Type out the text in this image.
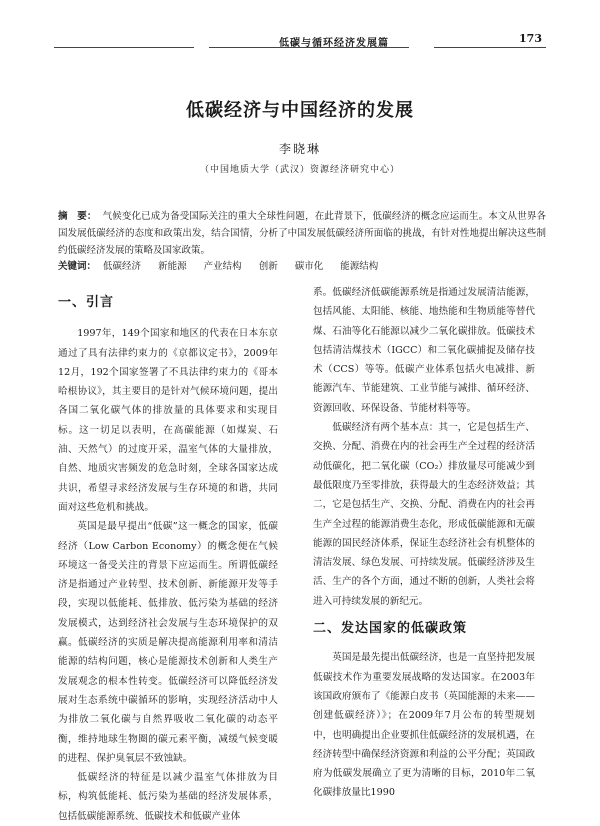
低碳与循环经济发展篇	173
低碳经济与中国经济的发展
李晓琳
（中国地质大学（武汉）资源经济研究中心）
摘　要： 气候变化已成为备受国际关注的重大全球性问题，在此背景下，低碳经济的概念应运而生。本文从世界各国发展低碳经济的态度和政策出发，结合国情，分析了中国发展低碳经济所面临的挑战，有针对性地提出解决这些制约低碳经济发展的策略及国家政策。
关键词： 低碳经济 新能源 产业结构 创新 碳市化 能源结构
一、引言

1997年，149个国家和地区的代表在日本东京通过了具有法律约束力的《京都议定书》，2009年12月，192个国家签署了不具法律约束力的《哥本哈根协议》，其主要目的是针对气候环境问题，提出各国二氧化碳气体的排放量的具体要求和实现目标。这一切足以表明，在高碳能源（如煤炭、石油、天然气）的过度开采，温室气体的大量排放，自然、地质灾害频发的危急时刻，全球各国家达成共识，希望寻求经济发展与生存环境的和谐，共同面对这些危机和挑战。

英国是最早提出“低碳”这一概念的国家，低碳经济（Low Carbon Economy）的概念便在气候环境这一备受关注的背景下应运而生。所谓低碳经济是指通过产业转型、技术创新、新能源开发等手段，实现以低能耗、低排放、低污染为基础的经济发展模式，达到经济社会发展与生态环境保护的双赢。低碳经济的实质是解决提高能源利用率和清洁能源的结构问题，核心是能源技术创新和人类生产发展观念的根本性转变。低碳经济可以降低经济发展对生态系统中碳循环的影响，实现经济活动中人为排放二氧化碳与自然界吸收二氧化碳的动态平衡，维持地球生物圈的碳元素平衡，减缓气候变暖的进程、保护臭氧层不致蚀缺。

低碳经济的特征是以减少温室气体排放为目标，构筑低能耗、低污染为基础的经济发展体系，包括低碳能源系统、低碳技术和低碳产业体

系。低碳经济低碳能源系统是指通过发展清洁能源，包括风能、太阳能、核能、地热能和生物质能等替代煤、石油等化石能源以减少二氧化碳排放。低碳技术包括清洁煤技术（IGCC）和二氧化碳捕捉及储存技术（CCS）等等。低碳产业体系包括火电减排、新能源汽车、节能建筑、工业节能与减排、循环经济、资源回收、环保设备、节能材料等等。

低碳经济有两个基本点：其一，它是包括生产、交换、分配、消费在内的社会再生产全过程的经济活动低碳化，把二氧化碳（CO₂）排放量尽可能减少到最低限度乃至零排放，获得最大的生态经济效益；其二，它是包括生产、交换、分配、消费在内的社会再生产全过程的能源消费生态化，形成低碳能源和无碳能源的国民经济体系，保证生态经济社会有机整体的清洁发展、绿色发展、可持续发展。低碳经济涉及生活、生产的各个方面，通过不断的创新，人类社会将进入可持续发展的新纪元。

二、发达国家的低碳政策

英国是最先提出低碳经济，也是一直坚持把发展低碳技术作为重要发展战略的发达国家。在2003年该国政府颁布了《能源白皮书（英国能源的未来——创建低碳经济）》；在2009年7月公布的转型规划中，也明确提出企业要抓住低碳经济的发展机遇，在经济转型中确保经济资源和利益的公平分配；英国政府为低碳发展确立了更为清晰的目标，2010年二氧化碳排放量比1990
